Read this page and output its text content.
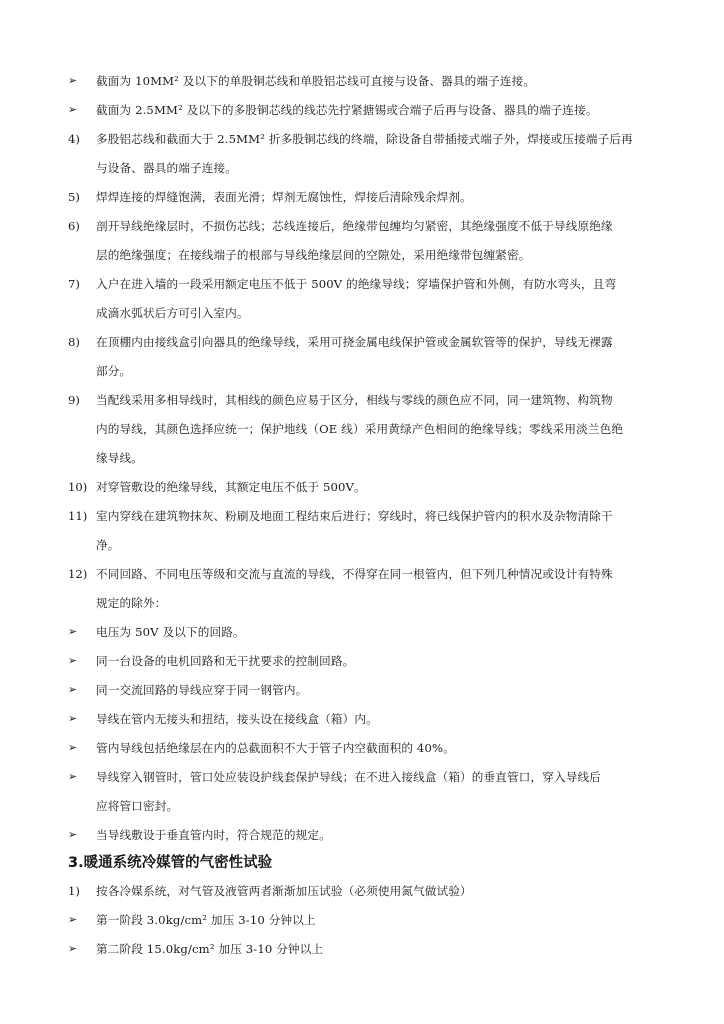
➢	截面为 10MM² 及以下的单股铜芯线和单股铝芯线可直接与设备、器具的端子连接。
➢	截面为 2.5MM² 及以下的多股铜芯线的线芯先拧紧搪锡或合端子后再与设备、器具的端子连接。
4)	多股铝芯线和截面大于 2.5MM² 折多股铜芯线的终端，除设备自带插接式端子外，焊接或压接端子后再
与设备、器具的端子连接。
5)	焊焊连接的焊缝饱满，表面光滑；焊剂无腐蚀性，焊接后清除残余焊剂。
6)	剖开导线绝缘层时，不损伤芯线；芯线连接后，绝缘带包缠均匀紧密，其绝缘强度不低于导线原绝缘
层的绝缘强度；在接线端子的根部与导线绝缘层间的空隙处，采用绝缘带包缠紧密。
7)	入户在进入墙的一段采用额定电压不低于 500V 的绝缘导线；穿墙保护管和外侧，有防水弯头，且弯
成滴水弧状后方可引入室内。
8)	在顶棚内由接线盒引向器具的绝缘导线，采用可挠金属电线保护管或金属软管等的保护，导线无裸露
部分。
9)	当配线采用多相导线时，其相线的颜色应易于区分，相线与零线的颜色应不同，同一建筑物、构筑物
内的导线，其颜色选择应统一；保护地线（OE 线）采用黄绿产色相间的绝缘导线；零线采用淡兰色绝
缘导线。
10) 对穿管敷设的绝缘导线，其额定电压不低于 500V。
11) 室内穿线在建筑物抹灰、粉刷及地面工程结束后进行；穿线时，将已线保护管内的积水及杂物清除干
净。
12) 不同回路、不同电压等级和交流与直流的导线，不得穿在同一根管内，但下列几种情况或设计有特殊
规定的除外：
➢	电压为 50V 及以下的回路。
➢	同一台设备的电机回路和无干扰要求的控制回路。
➢	同一交流回路的导线应穿于同一钢管内。
➢	导线在管内无接头和扭结，接头设在接线盒（箱）内。
➢	管内导线包括绝缘层在内的总截面积不大于管子内空截面积的 40%。
➢	导线穿入钢管时，管口处应装设护线套保护导线；在不进入接线盒（箱）的垂直管口，穿入导线后
应将管口密封。
➢	当导线敷设于垂直管内时，符合规范的规定。
3.暖通系统冷媒管的气密性试验
1)	按各冷媒系统，对气管及液管两者渐渐加压试验（必须使用氮气做试验）
➢	第一阶段 3.0kg/cm² 加压 3-10 分钟以上
➢	第二阶段 15.0kg/cm² 加压 3-10 分钟以上
